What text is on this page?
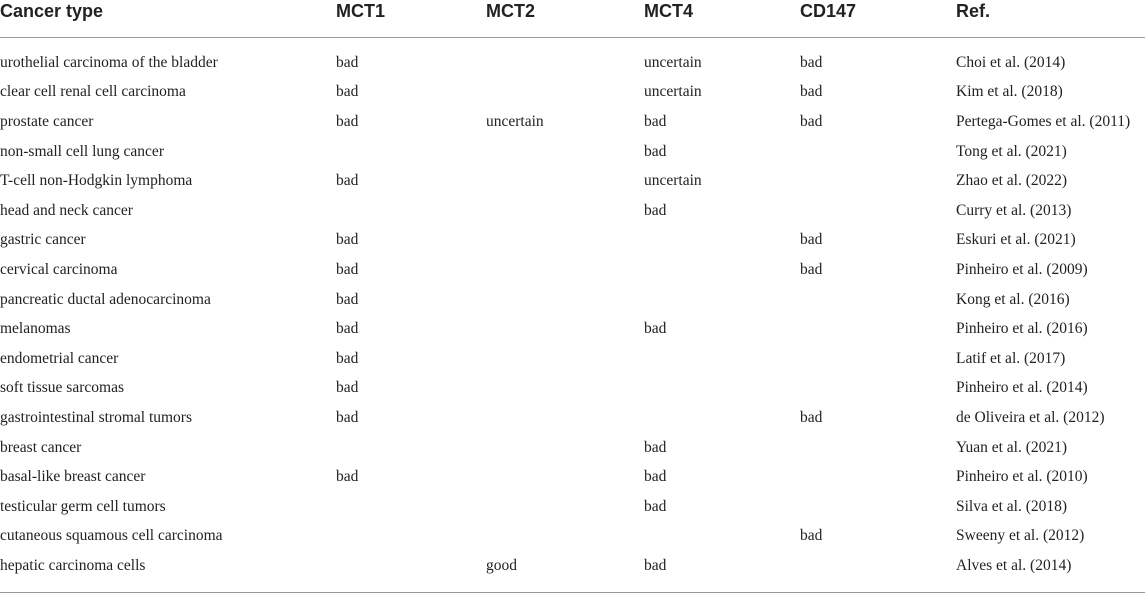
Cancer type	MCT1	MCT2	MCT4	CD147	Ref.
urothelial carcinoma of the bladder	bad		uncertain	bad	Choi et al. (2014)
clear cell renal cell carcinoma	bad		uncertain	bad	Kim et al. (2018)
prostate cancer	bad	uncertain	bad	bad	Pertega-Gomes et al. (2011)
non-small cell lung cancer			bad		Tong et al. (2021)
T-cell non-Hodgkin lymphoma	bad		uncertain		Zhao et al. (2022)
head and neck cancer			bad		Curry et al. (2013)
gastric cancer	bad			bad	Eskuri et al. (2021)
cervical carcinoma	bad			bad	Pinheiro et al. (2009)
pancreatic ductal adenocarcinoma	bad				Kong et al. (2016)
melanomas	bad		bad		Pinheiro et al. (2016)
endometrial cancer	bad				Latif et al. (2017)
soft tissue sarcomas	bad				Pinheiro et al. (2014)
gastrointestinal stromal tumors	bad			bad	de Oliveira et al. (2012)
breast cancer			bad		Yuan et al. (2021)
basal-like breast cancer	bad		bad		Pinheiro et al. (2010)
testicular germ cell tumors			bad		Silva et al. (2018)
cutaneous squamous cell carcinoma				bad	Sweeny et al. (2012)
hepatic carcinoma cells		good	bad		Alves et al. (2014)
